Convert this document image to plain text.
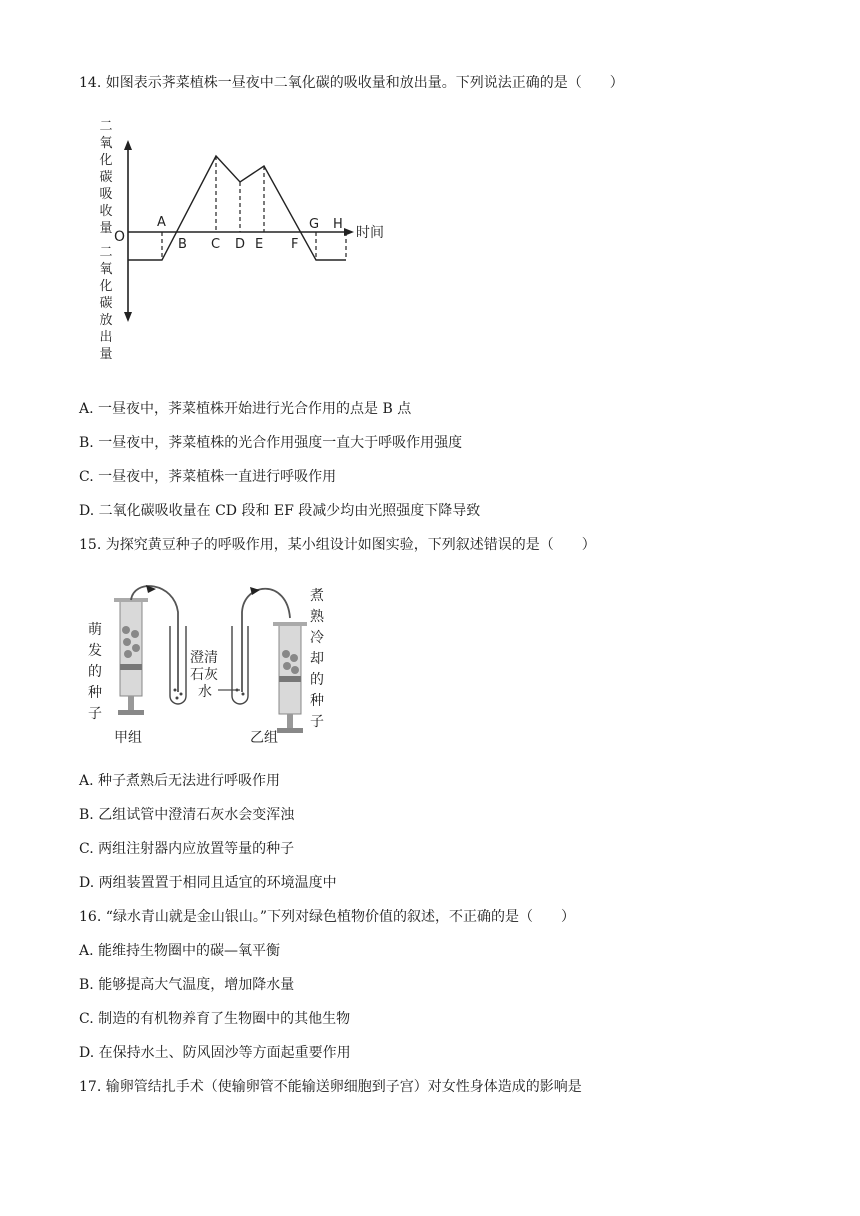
14. 如图表示荠菜植株一昼夜中二氧化碳的吸收量和放出量。下列说法正确的是（　　）
二
氧
化
碳
吸
收
量
二
氧
化
碳
放
出
量
O	时间
A
B C D E F
G H
A. 一昼夜中，荠菜植株开始进行光合作用的点是 B 点
B. 一昼夜中，荠菜植株的光合作用强度一直大于呼吸作用强度
C. 一昼夜中，荠菜植株一直进行呼吸作用
D. 二氧化碳吸收量在 CD 段和 EF 段减少均由光照强度下降导致
15. 为探究黄豆种子的呼吸作用，某小组设计如图实验，下列叙述错误的是（　　）
萌
发
的
种
子
澄清
石灰
水
煮
熟
冷
却
的
种
子
甲组	乙组
A. 种子煮熟后无法进行呼吸作用
B. 乙组试管中澄清石灰水会变浑浊
C. 两组注射器内应放置等量的种子
D. 两组装置置于相同且适宜的环境温度中
16. “绿水青山就是金山银山。”下列对绿色植物价值的叙述，不正确的是（　　）
A. 能维持生物圈中的碳—氧平衡
B. 能够提高大气温度，增加降水量
C. 制造的有机物养育了生物圈中的其他生物
D. 在保持水土、防风固沙等方面起重要作用
17. 输卵管结扎手术（使输卵管不能输送卵细胞到子宫）对女性身体造成的影响是
